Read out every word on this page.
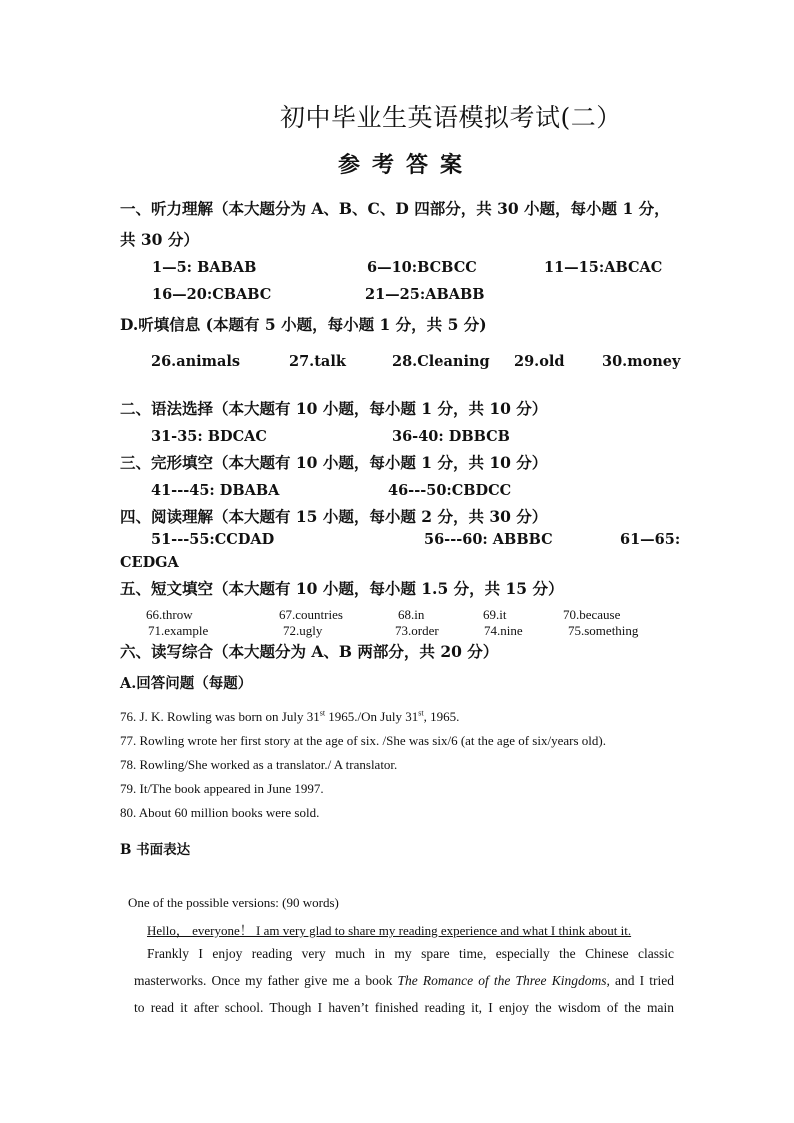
初中毕业生英语模拟考试(二）
参考答案
一、听力理解（本大题分为 A、B、C、D 四部分，共 30 小题，每小题 1 分，
共 30 分）
1—5: BABAB	6—10:BCBCC	11—15:ABCAC
16—20:CBABC	21—25:ABABB
D.听填信息 (本题有 5 小题，每小题 1 分，共 5 分)
26.animals	27.talk	28.Cleaning 29.old	30.money
二、语法选择（本大题有 10 小题，每小题 1 分，共 10 分）
31-35: BDCAC	36-40: DBBCB
三、完形填空（本大题有 10 小题，每小题 1 分，共 10 分）
41---45: DBABA	46---50:CBDCC
四、阅读理解（本大题有 15 小题，每小题 2 分，共 30 分）
51---55:CCDAD	56---60: ABBBC	61—65:
CEDGA
五、短文填空（本大题有 10 小题，每小题 1.5 分，共 15 分）
66.throw	67.countries	68.in	69.it	70.because
71.example	72.ugly	73.order	74.nine	75.something
六、读写综合（本大题分为 A、B 两部分，共 20 分）
A.回答问题（每题）
76. J. K. Rowling was born on July 31st 1965./On July 31st, 1965.
77. Rowling wrote her first story at the age of six. /She was six/6 (at the age of six/years old).
78. Rowling/She worked as a translator./ A translator.
79. It/The book appeared in June 1997.
80. About 60 million books were sold.
B 书面表达
One of the possible versions: (90 words)
Hello， everyone！ I am very glad to share my reading experience and what I think about it.
Frankly I enjoy reading very much in my spare time, especially the Chinese classic
masterworks. Once my father give me a book The Romance of the Three Kingdoms, and I tried
to read it after school. Though I haven’t finished reading it, I enjoy the wisdom of the main
